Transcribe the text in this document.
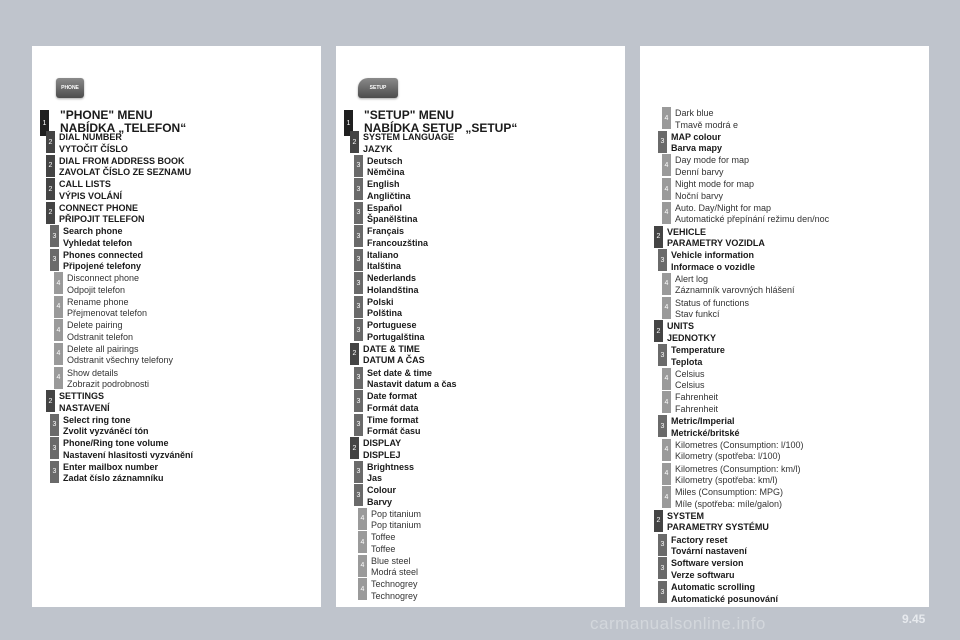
PHONE
1
"PHONE" MENU
NABÍDKA „TELEFON“
2 DIAL NUMBER
VYTOČIT ČÍSLO
2 DIAL FROM ADDRESS BOOK
ZAVOLAT ČÍSLO ZE SEZNAMU
2 CALL LISTS
VÝPIS VOLÁNÍ
2 CONNECT PHONE
PŘIPOJIT TELEFON
3 Search phone
Vyhledat telefon
3 Phones connected
Připojené telefony
4 Disconnect phone
Odpojit telefon
4 Rename phone
Přejmenovat telefon
4 Delete pairing
Odstranit telefon
4 Delete all pairings
Odstranit všechny telefony
4 Show details
Zobrazit podrobnosti
2 SETTINGS
NASTAVENÍ
3 Select ring tone
Zvolit vyzváněcí tón
3 Phone/Ring tone volume
Nastavení hlasitosti vyzvánění
3 Enter mailbox number
Zadat číslo záznamníku
SETUP
1
"SETUP" MENU
NABÍDKA SETUP „SETUP“
2 SYSTEM LANGUAGE
JAZYK
3 Deutsch
Němčina
3 English
Angličtina
3 Español
Španělština
3 Français
Francouzština
3 Italiano
Italština
3 Nederlands
Holandština
3 Polski
Polština
3 Portuguese
Portugalština
2 DATE & TIME
DATUM A ČAS
3 Set date & time
Nastavit datum a čas
3 Date format
Formát data
3 Time format
Formát času
2 DISPLAY
DISPLEJ
3 Brightness
Jas
3 Colour
Barvy
4 Pop titanium
Pop titanium
4 Toffee
Toffee
4 Blue steel
Modrá steel
4 Technogrey
Technogrey
4 Dark blue
Tmavě modrá e
3 MAP colour
Barva mapy
4 Day mode for map
Denní barvy
4 Night mode for map
Noční barvy
4 Auto. Day/Night for map
Automatické přepínání režimu den/noc
2 VEHICLE
PARAMETRY VOZIDLA
3 Vehicle information
Informace o vozidle
4 Alert log
Záznamník varovných hlášení
4 Status of functions
Stav funkcí
2 UNITS
JEDNOTKY
3 Temperature
Teplota
4 Celsius
Celsius
4 Fahrenheit
Fahrenheit
3 Metric/Imperial
Metrické/britské
4 Kilometres (Consumption: l/100)
Kilometry (spotřeba: l/100)
4 Kilometres (Consumption: km/l)
Kilometry (spotřeba: km/l)
4 Miles (Consumption: MPG)
Míle (spotřeba: míle/galon)
2 SYSTEM
PARAMETRY SYSTÉMU
3 Factory reset
Tovární nastavení
3 Software version
Verze softwaru
3 Automatic scrolling
Automatické posunování
carmanualsonline.info	9.45
